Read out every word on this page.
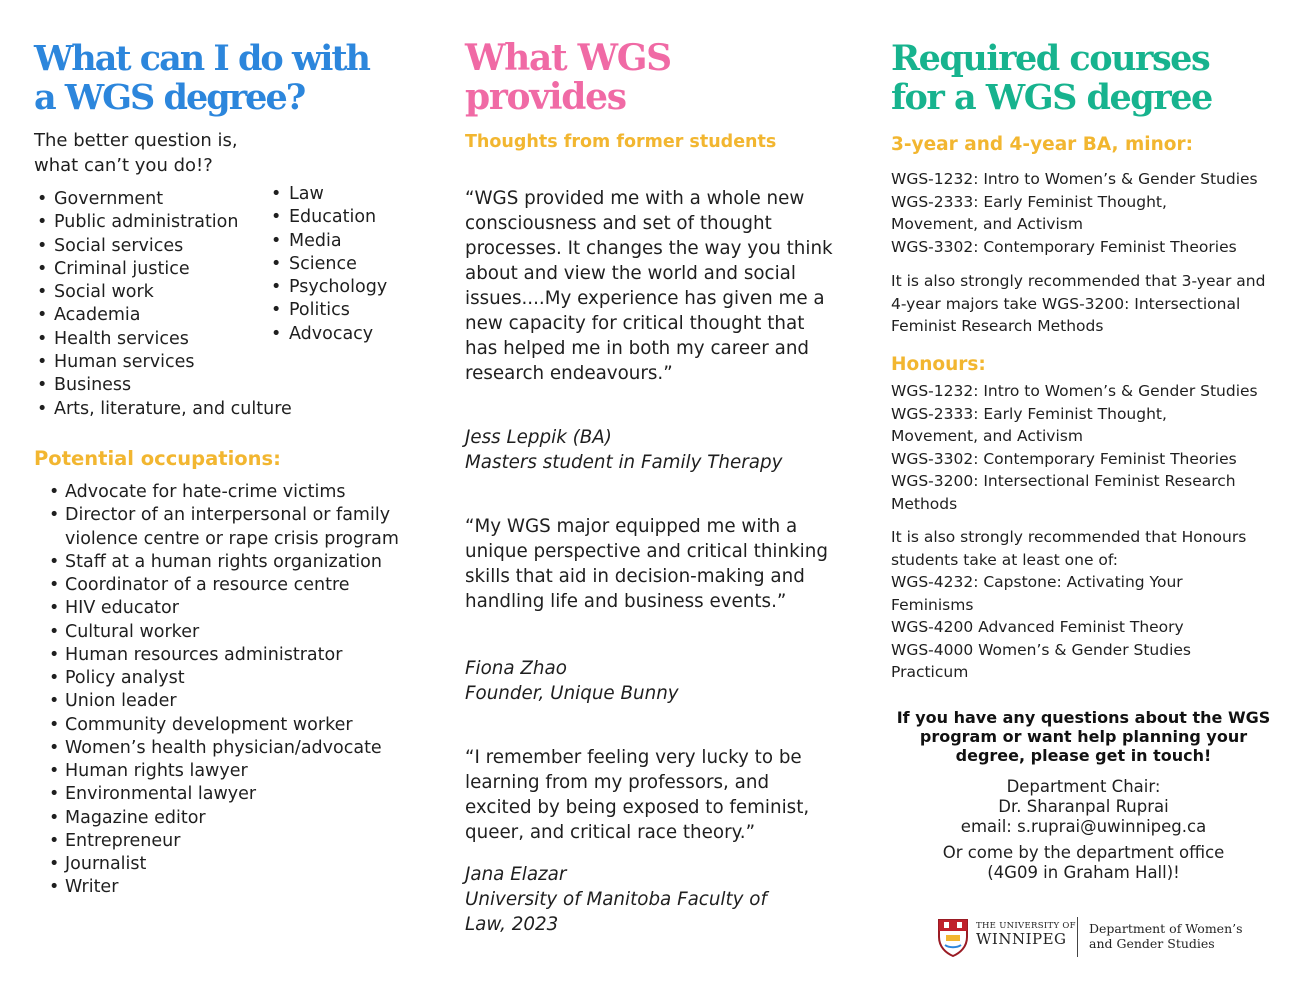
What can I do with
a WGS degree?
The better question is,
what can’t you do!?
• Government
• Public administration
• Social services
• Criminal justice
• Social work
• Academia
• Health services
• Human services
• Business
• Arts, literature, and culture
• Law
• Education
• Media
• Science
• Psychology
• Politics
• Advocacy
Potential occupations:
• Advocate for hate-crime victims
• Director of an interpersonal or family violence centre or rape crisis program
• Staff at a human rights organization
• Coordinator of a resource centre
• HIV educator
• Cultural worker
• Human resources administrator
• Policy analyst
• Union leader
• Community development worker
• Women’s health physician/advocate
• Human rights lawyer
• Environmental lawyer
• Magazine editor
• Entrepreneur
• Journalist
• Writer
What WGS
provides
Thoughts from former students
“WGS provided me with a whole new consciousness and set of thought processes. It changes the way you think about and view the world and social issues....My experience has given me a new capacity for critical thought that has helped me in both my career and research endeavours.”
Jess Leppik (BA)
Masters student in Family Therapy
“My WGS major equipped me with a unique perspective and critical thinking skills that aid in decision-making and handling life and business events.”
Fiona Zhao
Founder, Unique Bunny
“I remember feeling very lucky to be learning from my professors, and excited by being exposed to feminist, queer, and critical race theory.”
Jana Elazar
University of Manitoba Faculty of Law, 2023
Required courses
for a WGS degree
3-year and 4-year BA, minor:
WGS-1232: Intro to Women’s & Gender Studies
WGS-2333: Early Feminist Thought,
Movement, and Activism
WGS-3302: Contemporary Feminist Theories
It is also strongly recommended that 3-year and 4-year majors take WGS-3200: Intersectional Feminist Research Methods
Honours:
WGS-1232: Intro to Women’s & Gender Studies
WGS-2333: Early Feminist Thought,
Movement, and Activism
WGS-3302: Contemporary Feminist Theories
WGS-3200: Intersectional Feminist Research
Methods
It is also strongly recommended that Honours students take at least one of:
WGS-4232: Capstone: Activating Your
Feminisms
WGS-4200 Advanced Feminist Theory
WGS-4000 Women’s & Gender Studies
Practicum
If you have any questions about the WGS program or want help planning your degree, please get in touch!
Department Chair:
Dr. Sharanpal Ruprai
email: s.ruprai@uwinnipeg.ca
Or come by the department office
(4G09 in Graham Hall)!
THE UNIVERSITY OF
WINNIPEG
Department of Women’s
and Gender Studies
